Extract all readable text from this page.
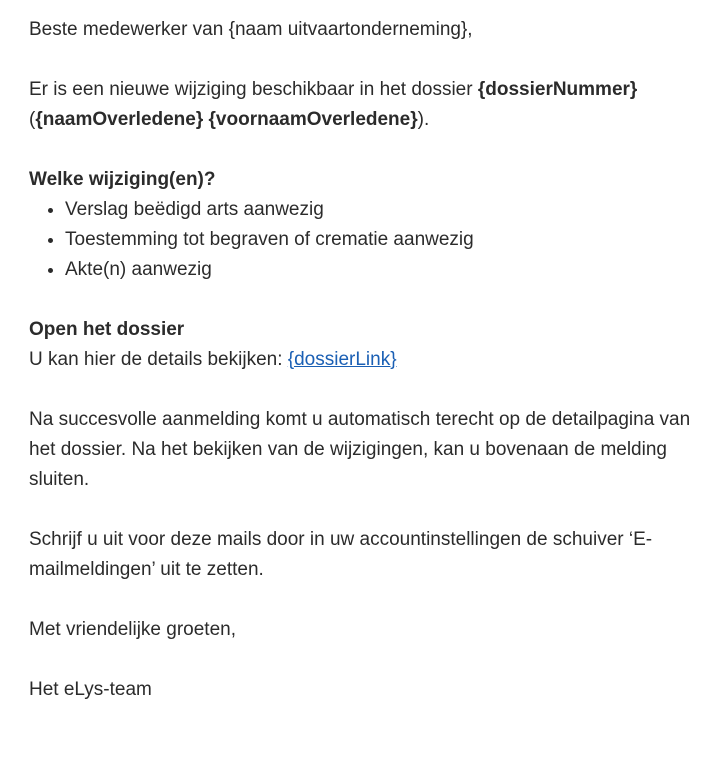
Beste medewerker van {naam uitvaartonderneming},

Er is een nieuwe wijziging beschikbaar in het dossier {dossierNummer}
({naamOverledene} {voornaamOverledene}).

Welke wijziging(en)?
• Verslag beëdigd arts aanwezig
• Toestemming tot begraven of crematie aanwezig
• Akte(n) aanwezig

Open het dossier
U kan hier de details bekijken: {dossierLink}

Na succesvolle aanmelding komt u automatisch terecht op de detailpagina van het dossier. Na het bekijken van de wijzigingen, kan u bovenaan de melding sluiten.

Schrijf u uit voor deze mails door in uw accountinstellingen de schuiver ‘E-mailmeldingen’ uit te zetten.

Met vriendelijke groeten,

Het eLys-team
